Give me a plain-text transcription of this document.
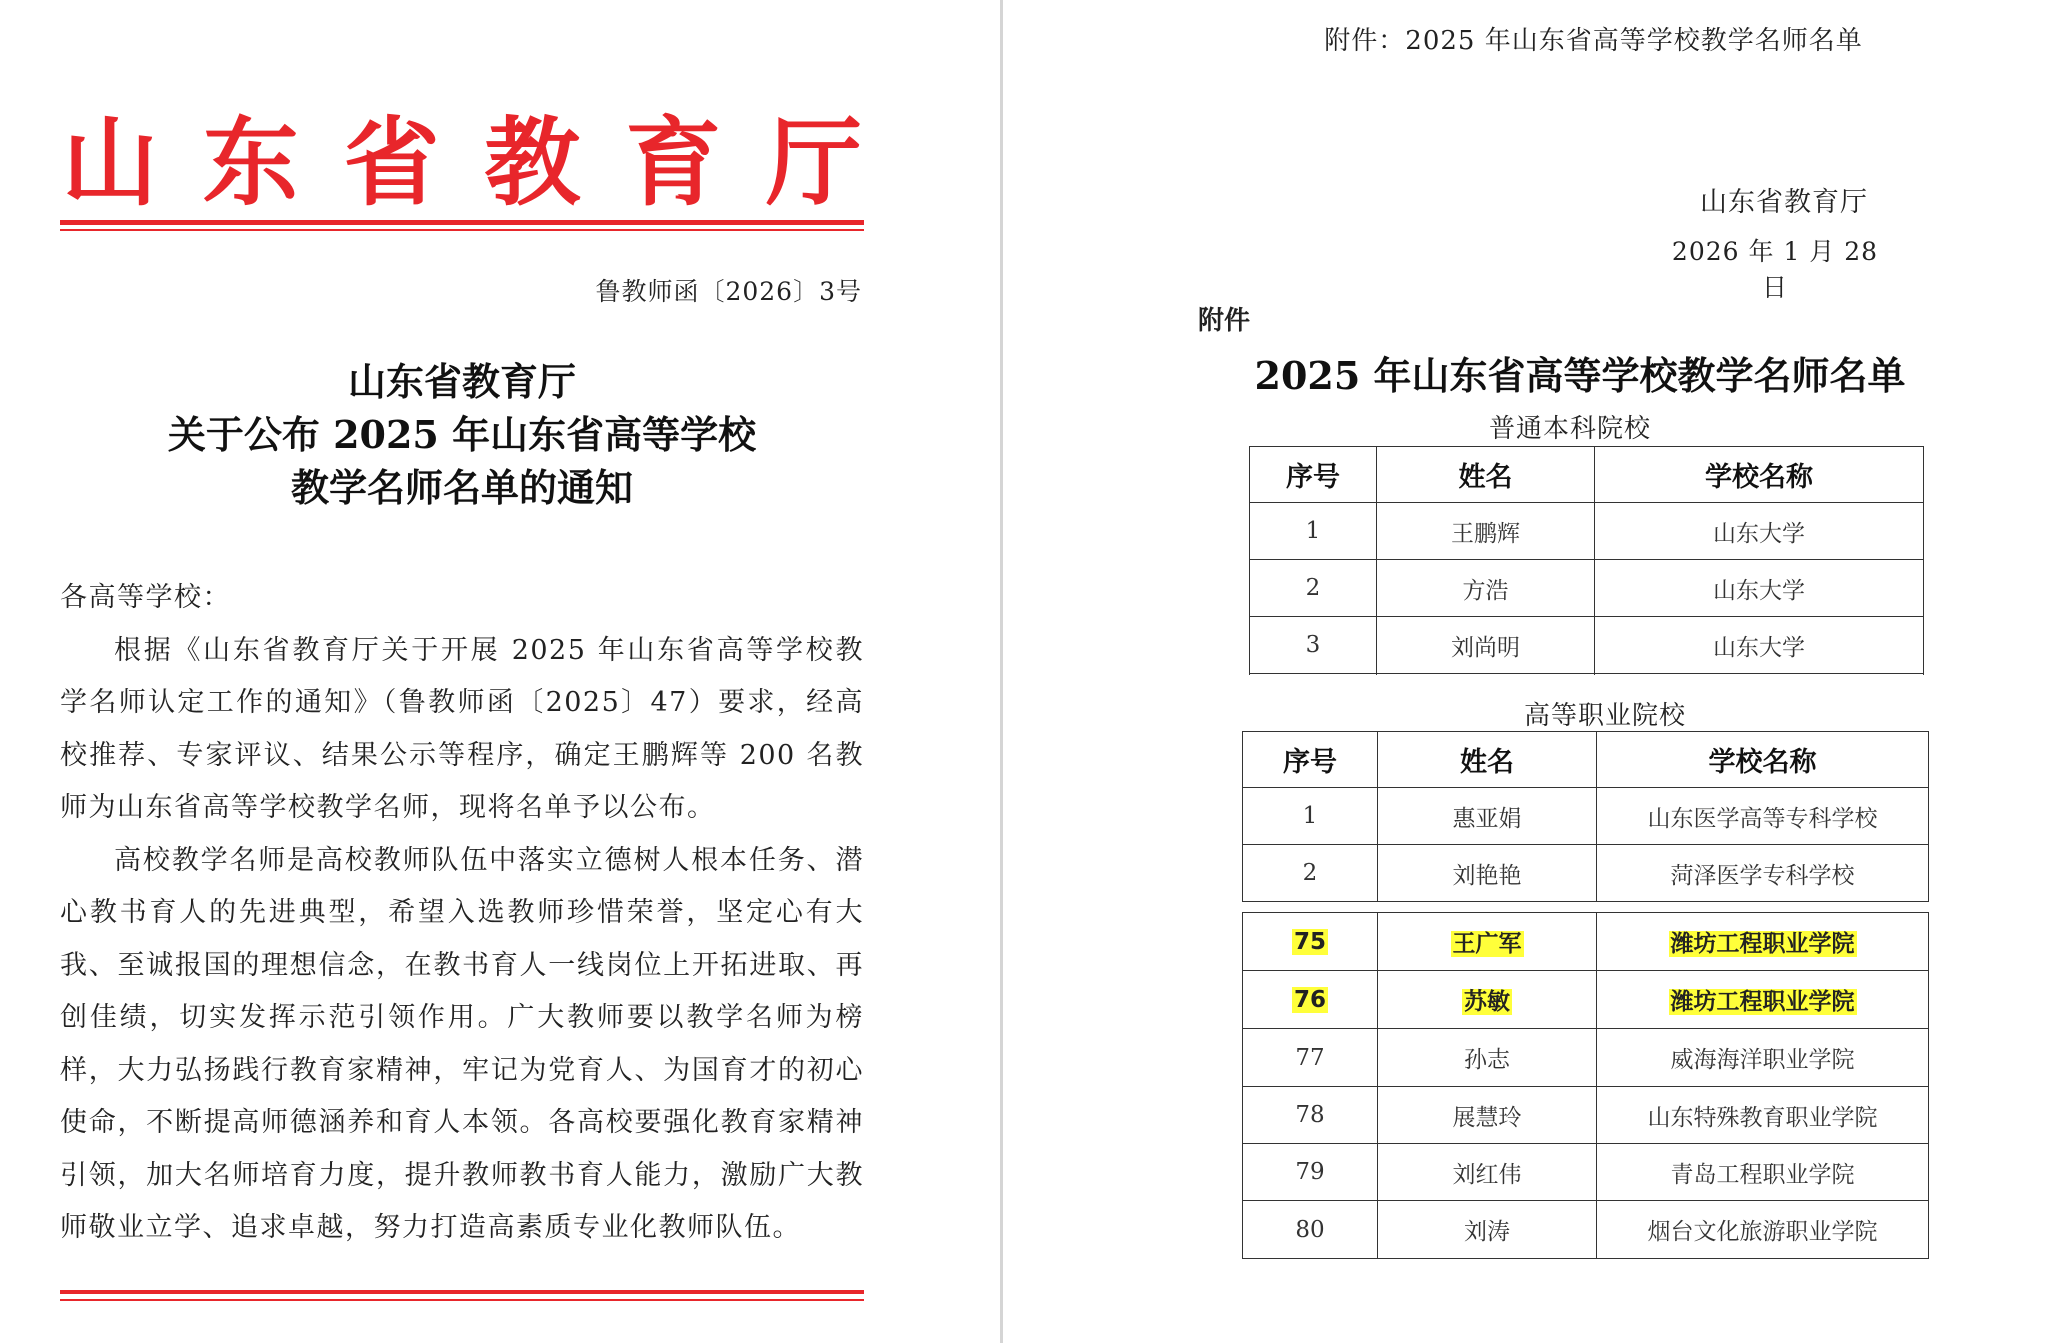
山 东 省 教 育 厅
鲁教师函〔2026〕3号
山东省教育厅
关于公布 2025 年山东省高等学校
教学名师名单的通知

各高等学校：

根据《山东省教育厅关于开展 2025 年山东省高等学校教学名师认定工作的通知》（鲁教师函〔2025〕47）要求，经高校推荐、专家评议、结果公示等程序，确定王鹏辉等 200 名教师为山东省高等学校教学名师，现将名单予以公布。

高校教学名师是高校教师队伍中落实立德树人根本任务、潜心教书育人的先进典型，希望入选教师珍惜荣誉，坚定心有大我、至诚报国的理想信念，在教书育人一线岗位上开拓进取、再创佳绩，切实发挥示范引领作用。广大教师要以教学名师为榜样，大力弘扬践行教育家精神，牢记为党育人、为国育才的初心使命，不断提高师德涵养和育人本领。各高校要强化教育家精神引领，加大名师培育力度，提升教师教书育人能力，激励广大教师敬业立学、追求卓越，努力打造高素质专业化教师队伍。

附件：2025 年山东省高等学校教学名师名单
山东省教育厅
2026 年 1 月 28 日
附件
2025 年山东省高等学校教学名师名单
普通本科院校
序号	姓名	学校名称
1	王鹏辉	山东大学
2	方浩	山东大学
3	刘尚明	山东大学

高等职业院校
序号	姓名	学校名称
1	惠亚娟	山东医学高等专科学校
2	刘艳艳	菏泽医学专科学校
75	王广军	潍坊工程职业学院
76	苏敏	潍坊工程职业学院
77	孙志	威海海洋职业学院
78	展慧玲	山东特殊教育职业学院
79	刘红伟	青岛工程职业学院
80	刘涛	烟台文化旅游职业学院
